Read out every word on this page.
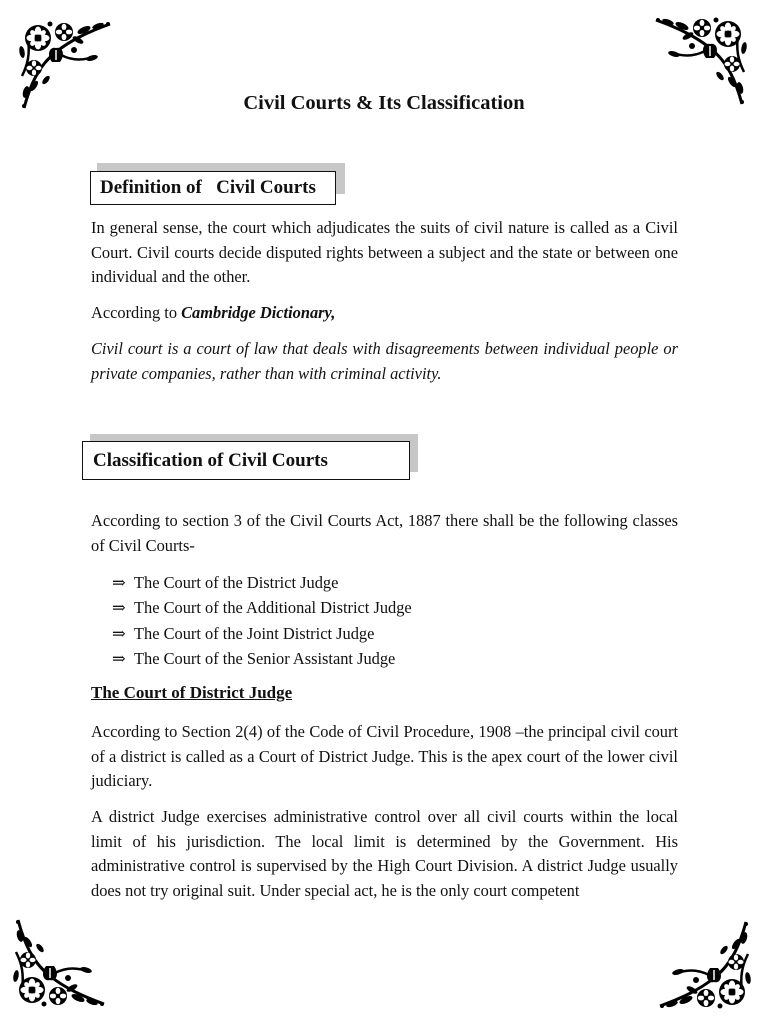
Civil Courts & Its Classification
Definition of   Civil Courts

In general sense, the court which adjudicates the suits of civil nature is called as a Civil Court. Civil courts decide disputed rights between a subject and the state or between one individual and the other.

According to Cambridge Dictionary,

Civil court is a court of law that deals with disagreements between individual people or private companies, rather than with criminal activity.

Classification of Civil Courts

According to section 3 of the Civil Courts Act, 1887 there shall be the following classes of Civil Courts-

⇒ The Court of the District Judge
⇒ The Court of the Additional District Judge
⇒ The Court of the Joint District Judge
⇒ The Court of the Senior Assistant Judge
The Court of District Judge

According to Section 2(4) of the Code of Civil Procedure, 1908 –the principal civil court of a district is called as a Court of District Judge. This is the apex court of the lower civil judiciary.

A district Judge exercises administrative control over all civil courts within the local limit of his jurisdiction. The local limit is determined by the Government. His administrative control is supervised by the High Court Division. A district Judge usually does not try original suit. Under special act, he is the only court competent
